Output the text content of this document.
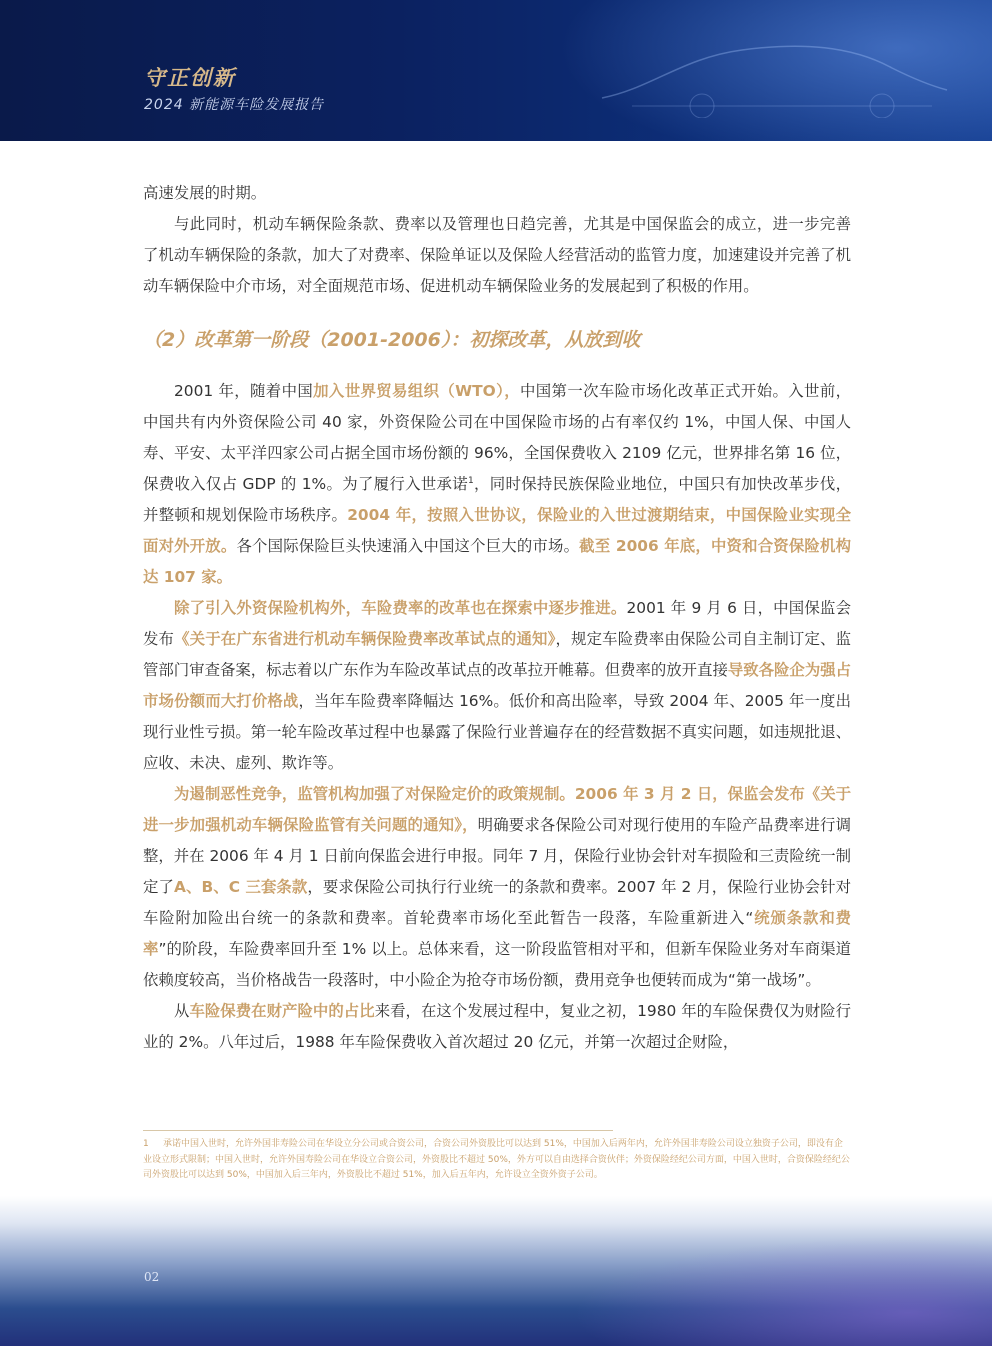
守正创新
2024 新能源车险发展报告

高速发展的时期。

与此同时，机动车辆保险条款、费率以及管理也日趋完善，尤其是中国保监会的成立，进一步完善了机动车辆保险的条款，加大了对费率、保险单证以及保险人经营活动的监管力度，加速建设并完善了机动车辆保险中介市场，对全面规范市场、促进机动车辆保险业务的发展起到了积极的作用。

（2）改革第一阶段（2001-2006）：初探改革，从放到收

2001 年，随着中国加入世界贸易组织（WTO），中国第一次车险市场化改革正式开始。入世前，中国共有内外资保险公司 40 家，外资保险公司在中国保险市场的占有率仅约 1%，中国人保、中国人寿、平安、太平洋四家公司占据全国市场份额的 96%，全国保费收入 2109 亿元，世界排名第 16 位，保费收入仅占 GDP 的 1%。为了履行入世承诺$^1$，同时保持民族保险业地位，中国只有加快改革步伐，并整顿和规划保险市场秩序。2004 年，按照入世协议，保险业的入世过渡期结束，中国保险业实现全面对外开放。各个国际保险巨头快速涌入中国这个巨大的市场。截至 2006 年底，中资和合资保险机构达 107 家。

除了引入外资保险机构外，车险费率的改革也在探索中逐步推进。2001 年 9 月 6 日，中国保监会发布《关于在广东省进行机动车辆保险费率改革试点的通知》，规定车险费率由保险公司自主制订定、监管部门审查备案，标志着以广东作为车险改革试点的改革拉开帷幕。但费率的放开直接导致各险企为强占市场份额而大打价格战，当年车险费率降幅达 16%。低价和高出险率，导致 2004 年、2005 年一度出现行业性亏损。第一轮车险改革过程中也暴露了保险行业普遍存在的经营数据不真实问题，如违规批退、应收、未决、虚列、欺诈等。

为遏制恶性竞争，监管机构加强了对保险定价的政策规制。2006 年 3 月 2 日，保监会发布《关于进一步加强机动车辆保险监管有关问题的通知》，明确要求各保险公司对现行使用的车险产品费率进行调整，并在 2006 年 4 月 1 日前向保监会进行申报。同年 7 月，保险行业协会针对车损险和三责险统一制定了A、B、C 三套条款，要求保险公司执行行业统一的条款和费率。2007 年 2 月，保险行业协会针对车险附加险出台统一的条款和费率。首轮费率市场化至此暂告一段落，车险重新进入“统颁条款和费率”的阶段，车险费率回升至 1% 以上。总体来看，这一阶段监管相对平和，但新车保险业务对车商渠道依赖度较高，当价格战告一段落时，中小险企为抢夺市场份额，费用竞争也便转而成为“第一战场”。

从车险保费在财产险中的占比来看，在这个发展过程中，复业之初，1980 年的车险保费仅为财险行业的 2%。八年过后，1988 年车险保费收入首次超过 20 亿元，并第一次超过企财险，

1 承诺中国入世时，允许外国非寿险公司在华设立分公司或合资公司，合资公司外资股比可以达到 51%，中国加入后两年内，允许外国非寿险公司设立独资子公司，即没有企业设立形式限制；中国入世时，允许外国寿险公司在华设立合资公司，外资股比不超过 50%，外方可以自由选择合资伙伴；外资保险经纪公司方面，中国入世时，合资保险经纪公司外资股比可以达到 50%，中国加入后三年内，外资股比不超过 51%，加入后五年内，允许设立全资外资子公司。
02
